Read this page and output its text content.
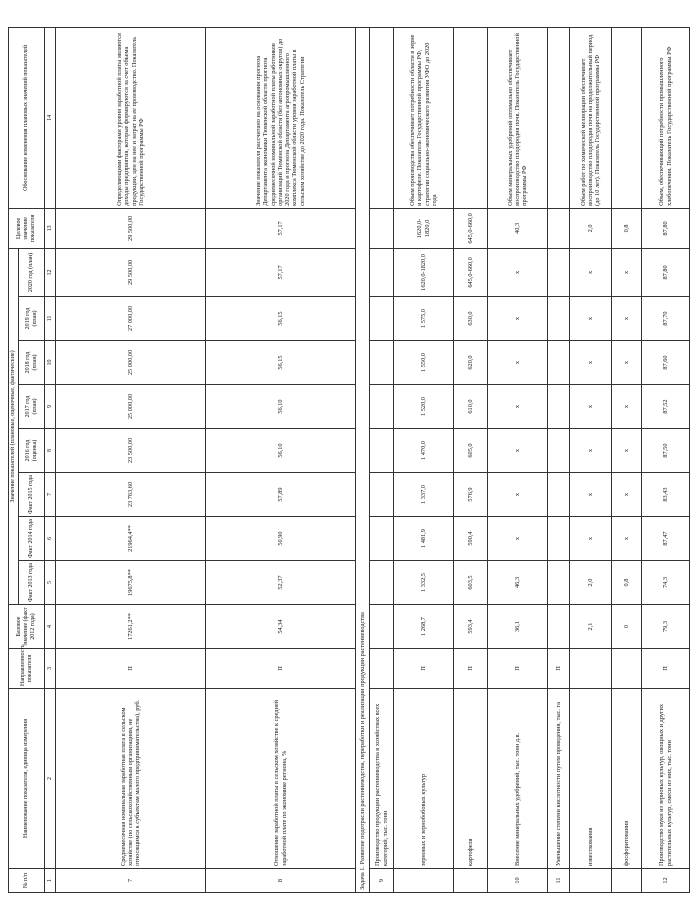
№ п/п	Наименование показателя, единица измерения	Направленность показателя	Базовое значение (факт 2012 года)	Значение показателей (плановые, оценочные, фактические)								Целевое значение показателя	Обоснование изменения плановых значений показателей
				Факт 2013 года	Факт 2014 года	Факт 2015 года	2016 год (оценка)	2017 год (план)	2018 год (план)	2019 год (план)	2020 год (план)		
1	2	3	4	5	6	7	8	9	10	11	12	13	14
7	Среднемесячная номинальная заработная плата в сельском хозяйстве (по сельскохозяйственным организациям, не относящимся к субъектам малого предпринимательства), руб.	П	17261,2**	19675,8**	21964,4**	23 763,60	23 500,00	25 000,00	25 000,00	27 000,00	29 500,00	29 500,00	Определяющими факторами уровня заработной платы являются доходы предприятия, которые формируются за счет объема продукции, цен на нее и затрат на ее производство. Показатель Государственной программы РФ
8	Отношение заработной платы в сельском хозяйстве к средней заработной плате по экономике региона, %	П	54,34	52,37	50,90	57,89	56,10	56,10	56,15	56,15	57,17	57,17	Значение показателя рассчитано на основании прогноза Департамента экономики Тюменской области прогноза среднемесячной номинальной заработной платы работников организаций Тюменской области (без автономных округов) до 2020 года и прогноза Департамента агропромышленного комплекса Тюменской области уровня заработной платы в сельском хозяйстве до 2020 года. Показатель Стратегии
Задача 1. Развитие подотрасли растениеводства, переработки и реализации продукции растениеводства													
9	Производство продукции растениеводства в хозяйствах всех категорий, тыс. тонн												
	зерновых и зернобобовых культур	П	1 268,7	1 332,5	1 481,9	1 337,0	1 470,0	1 520,0	1 550,0	1 575,0	1620,0-1820,0	1620,0-1820,0	Объем производства обеспечивает потребности области в зерне и картофеле. Показатель Государственной программы РФ, стратегии социально-экономического развития УФО до 2020 года
	картофеля	П	593,4	603,5	590,4	576,9	605,0	610,0	620,0	630,0	645,0-660,0	645,0-660,0	
10	Внесение минеральных удобрений, тыс. тонн д.в.	П	36,1	46,3	х	х	х	х	х	х	х	40,3	Объем минеральных удобрений оптимально обеспечивает воспроизводство плодородия почв. Показатель Государственной программы РФ
11	Уменьшение степени кислотности путем проведения, тыс. га	П											
	известкования		2,1	2,0	х	х	х	х	х	х	х	2,0	Объем работ по химической мелиорации обеспечивает воспроизводство плодородия почв на продолжительный период (до 10 лет). Показатель Государственной программы РФ
	фосфоритования		0	0,8	х	х	х	х	х	х	х	0,8	
12	Производство муки из зерновых культур, овощных и других растительных культур, смеси из них, тыс. тонн	П	79,3	74,3	87,47	83,43	87,50	87,52	87,60	87,70	87,80	87,80	Объем, обеспечивающий потребности промышленного хлебопечения. Показатель Государственной программы РФ
